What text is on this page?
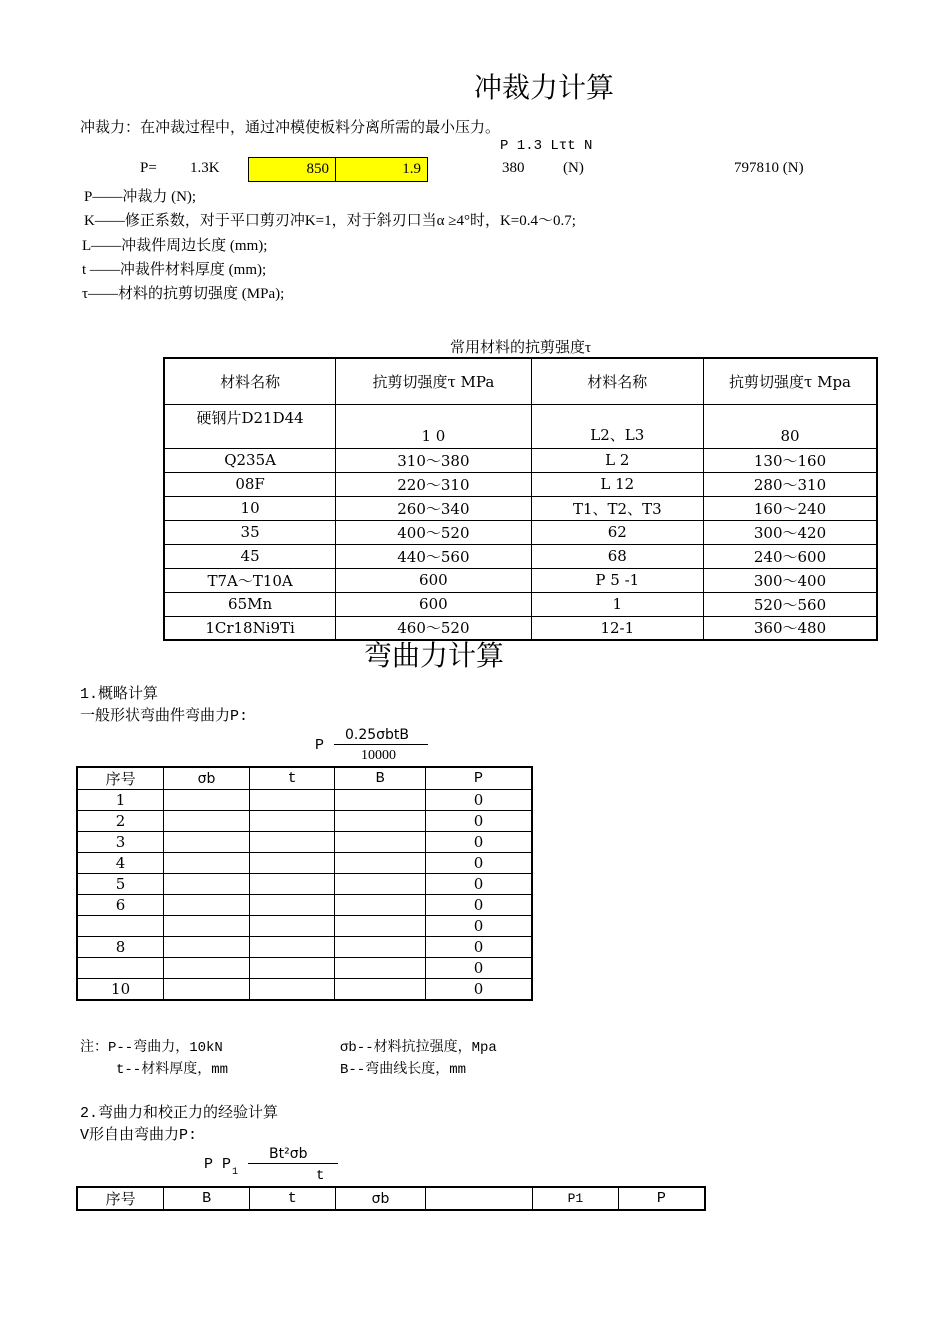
冲裁力计算
冲裁力：在冲裁过程中，通过冲模使板料分离所需的最小压力。
P 1.3 Lτt N
P= 1.3K	850	1.9	380	(N)	797810 (N)
P——冲裁力 (N);
K——修正系数，对于平口剪刃冲K=1，对于斜刃口当α ≥4°时，K=0.4～0.7;
L——冲裁件周边长度 (mm);
t ——冲裁件材料厚度 (mm);
τ——材料的抗剪切强度 (MPa);
常用材料的抗剪强度τ
材料名称	抗剪切强度τ MPa	材料名称	抗剪切强度τ Mpa
硬钢片D21D44	1 0	L2、L3	80
Q235A	310～380	L 2	130～160
08F	220～310	L 12	280～310
10	260～340	T1、T2、T3	160～240
35	400～520	62	300～420
45	440～560	68	240～600
T7A～T10A	600	P 5 -1	300～400
65Mn	600	1	520～560
1Cr18Ni9Ti	460～520	12-1	360～480
弯曲力计算
1.概略计算
一般形状弯曲件弯曲力P:
P
0.25σbtB
10000
序号	σb	t	B	P
1				0
2				0
3				0
4				0
5				0
6				0
				0
8				0
				0
10				0
注：P--弯曲力，10kN	σb--材料抗拉强度，Mpa
t--材料厚度，mm	B--弯曲线长度，mm
2.弯曲力和校正力的经验计算
V形自由弯曲力P:
P P 1
Bt²σb
t
序号	B	t	σb		P1	P
